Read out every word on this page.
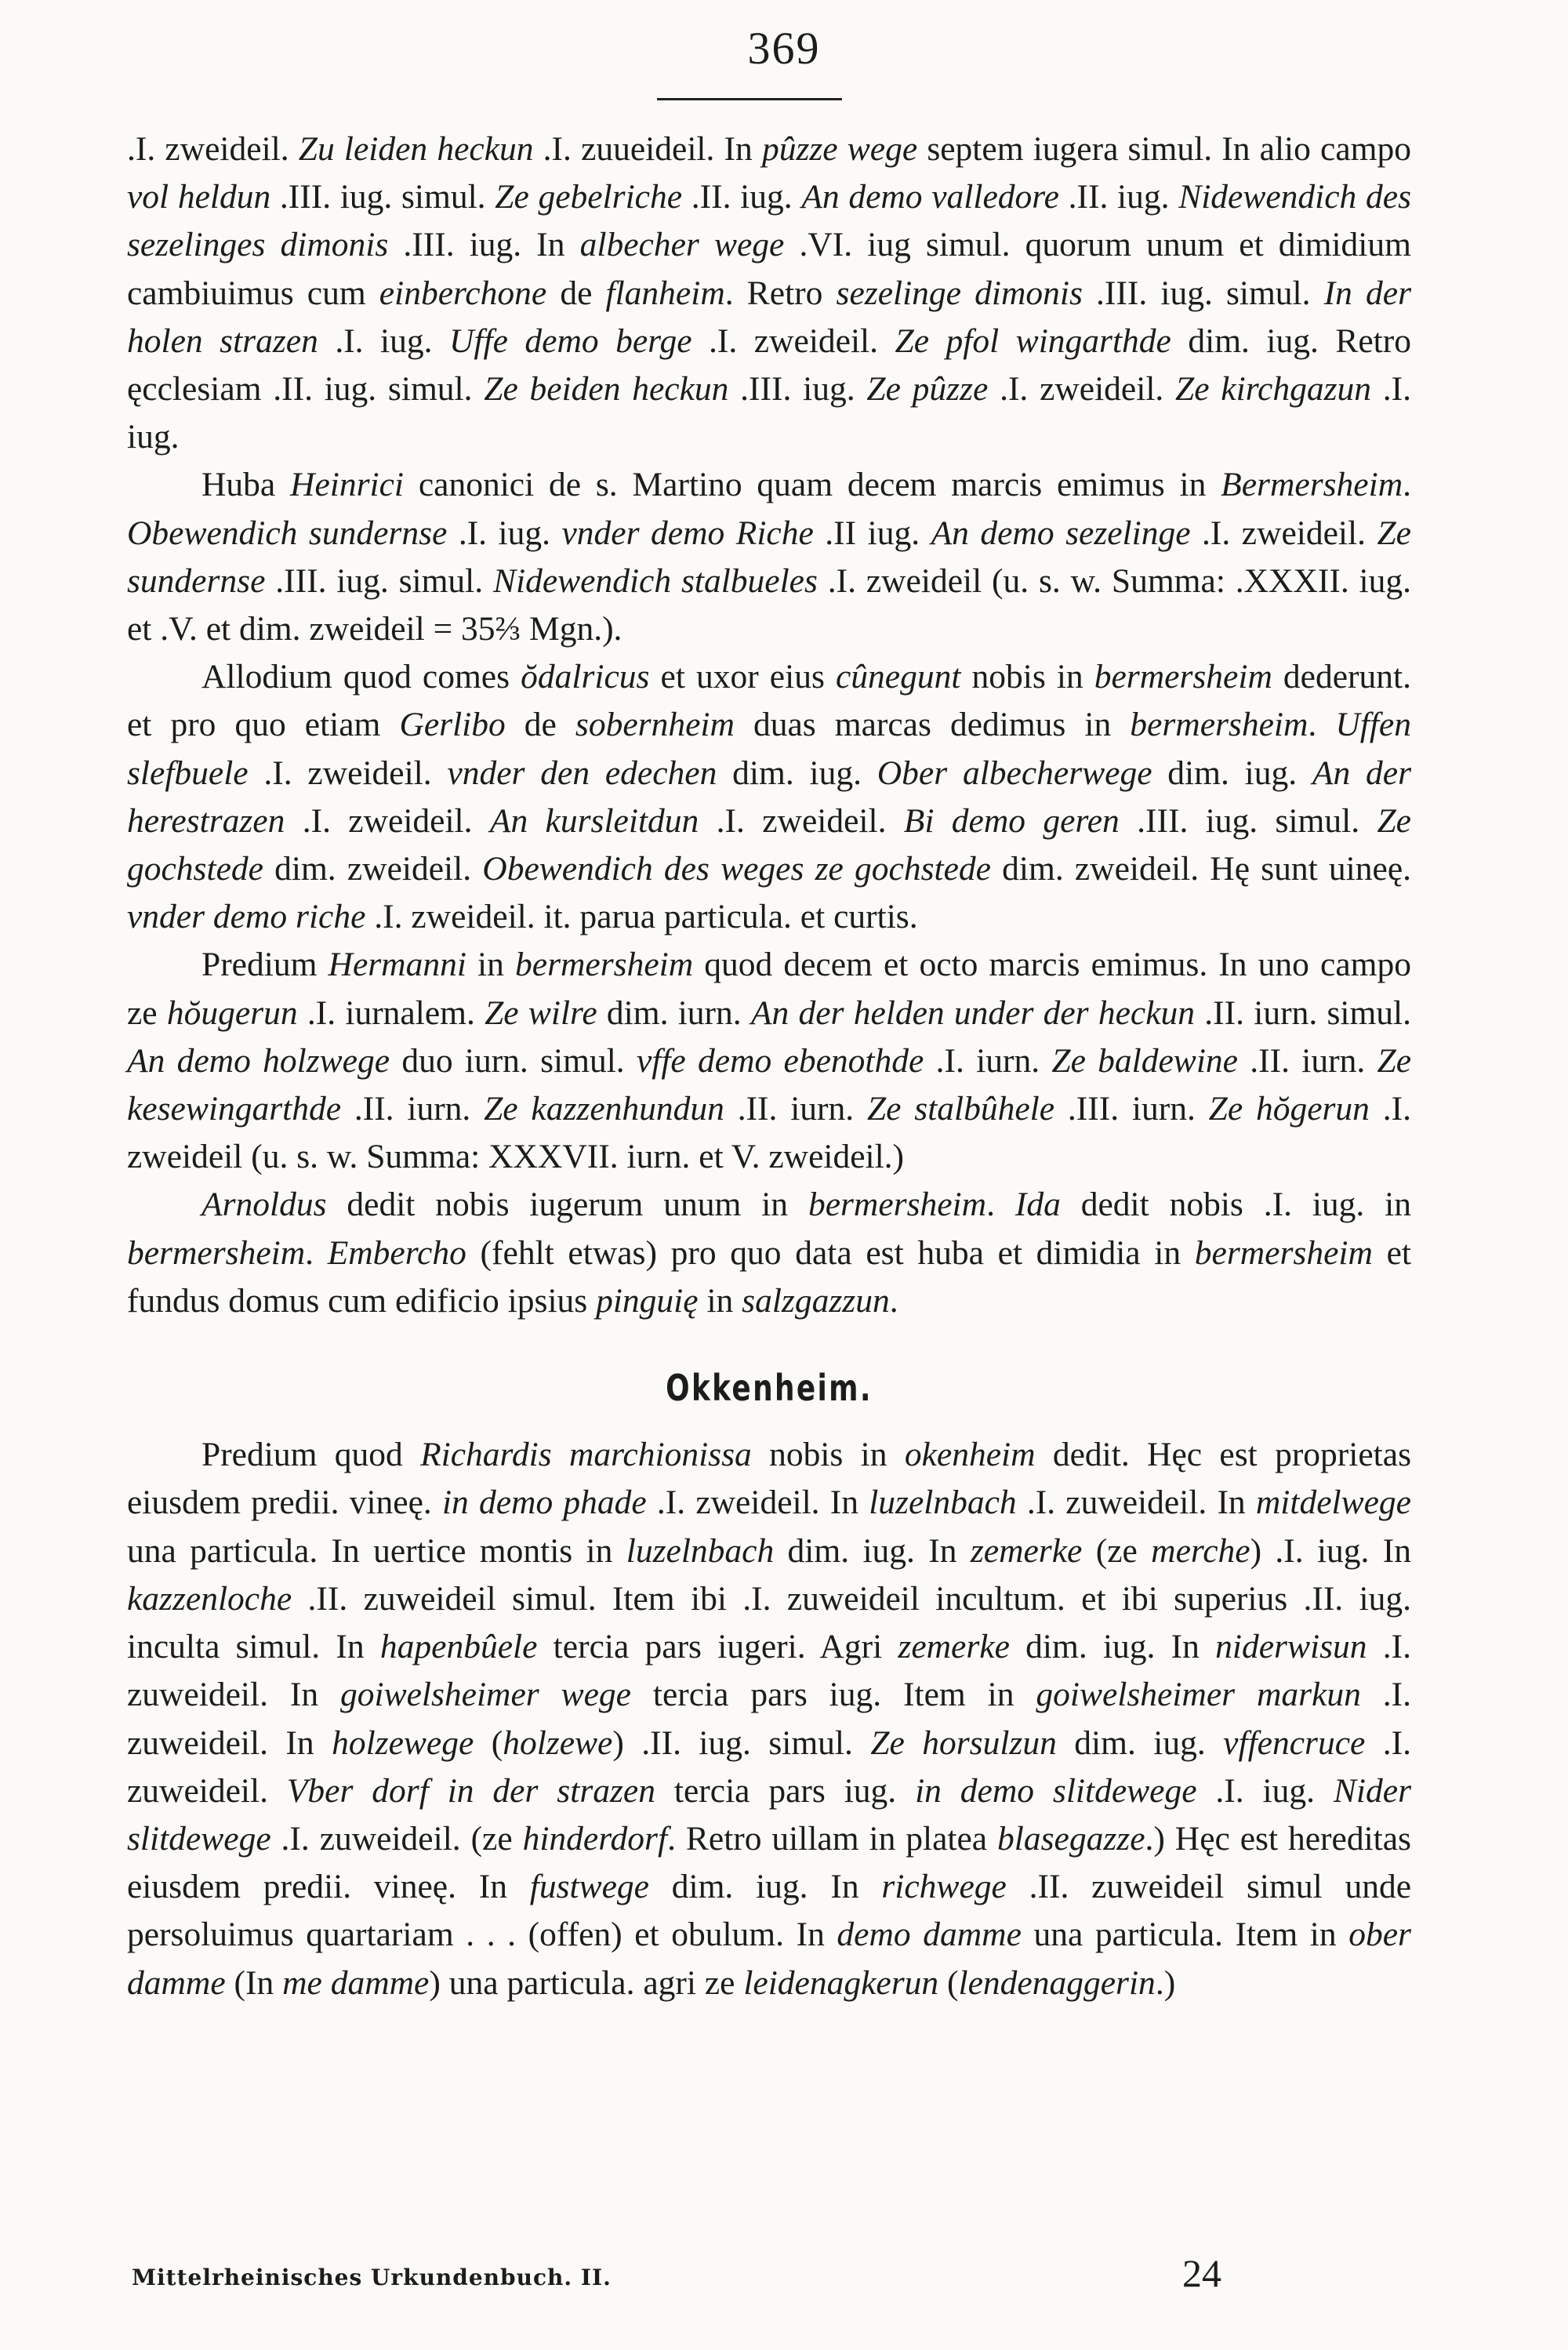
369

.I. zweideil. Zu leiden heckun .I. zuueideil. In pûzze wege septem iugera simul. In alio campo vol heldun .III. iug. simul. Ze gebelriche .II. iug. An demo valledore .II. iug. Nidewendich des sezelinges dimonis .III. iug. In albecher wege .VI. iug simul. quorum unum et dimidium cambiuimus cum einberchone de flanheim. Retro sezelinge dimonis .III. iug. simul. In der holen strazen .I. iug. Uffe demo berge .I. zweideil. Ze pfol wingarthde dim. iug. Retro ęcclesiam .II. iug. simul. Ze beiden heckun .III. iug. Ze pûzze .I. zweideil. Ze kirchgazun .I. iug.

Huba Heinrici canonici de s. Martino quam decem marcis emimus in Bermersheim. Obewendich sundernse .I. iug. vnder demo Riche .II iug. An demo sezelinge .I. zweideil. Ze sundernse .III. iug. simul. Nidewendich stalbueles .I. zweideil (u. s. w. Summa: .XXXII. iug. et .V. et dim. zweideil = 35⅔ Mgn.).

Allodium quod comes ŏdalricus et uxor eius cûnegunt nobis in bermersheim dederunt. et pro quo etiam Gerlibo de sobernheim duas marcas dedimus in bermersheim. Uffen slefbuele .I. zweideil. vnder den edechen dim. iug. Ober albecherwege dim. iug. An der herestrazen .I. zweideil. An kursleitdun .I. zweideil. Bi demo geren .III. iug. simul. Ze gochstede dim. zweideil. Obewendich des weges ze gochstede dim. zweideil. Hę sunt uineę. vnder demo riche .I. zweideil. it. parua particula. et curtis.

Predium Hermanni in bermersheim quod decem et octo marcis emimus. In uno campo ze hŏugerun .I. iurnalem. Ze wilre dim. iurn. An der helden under der heckun .II. iurn. simul. An demo holzwege duo iurn. simul. vffe demo ebenothde .I. iurn. Ze baldewine .II. iurn. Ze kesewingarthde .II. iurn. Ze kazzenhundun .II. iurn. Ze stalbûhele .III. iurn. Ze hŏgerun .I. zweideil (u. s. w. Summa: XXXVII. iurn. et V. zweideil.)

Arnoldus dedit nobis iugerum unum in bermersheim. Ida dedit nobis .I. iug. in bermersheim. Embercho (fehlt etwas) pro quo data est huba et dimidia in bermersheim et fundus domus cum edificio ipsius pinguię in salzgazzun.

Okkenheim.

Predium quod Richardis marchionissa nobis in okenheim dedit. Hęc est proprietas eiusdem predii. vineę. in demo phade .I. zweideil. In luzelnbach .I. zuweideil. In mitdelwege una particula. In uertice montis in luzelnbach dim. iug. In zemerke (ze merche) .I. iug. In kazzenloche .II. zuweideil simul. Item ibi .I. zuweideil incultum. et ibi superius .II. iug. inculta simul. In hapenbûele tercia pars iugeri. Agri zemerke dim. iug. In niderwisun .I. zuweideil. In goiwelsheimer wege tercia pars iug. Item in goiwelsheimer markun .I. zuweideil. In holzewege (holzewe) .II. iug. simul. Ze horsulzun dim. iug. vffencruce .I. zuweideil. Vber dorf in der strazen tercia pars iug. in demo slitdewege .I. iug. Nider slitdewege .I. zuweideil. (ze hinderdorf. Retro uillam in platea blasegazze.) Hęc est hereditas eiusdem predii. vineę. In fustwege dim. iug. In richwege .II. zuweideil simul unde persoluimus quartariam . . . (offen) et obulum. In demo damme una particula. Item in ober damme (In me damme) una particula. agri ze leidenagkerun (lendenaggerin.)

Mittelrheinisches Urkundenbuch. II.	24
